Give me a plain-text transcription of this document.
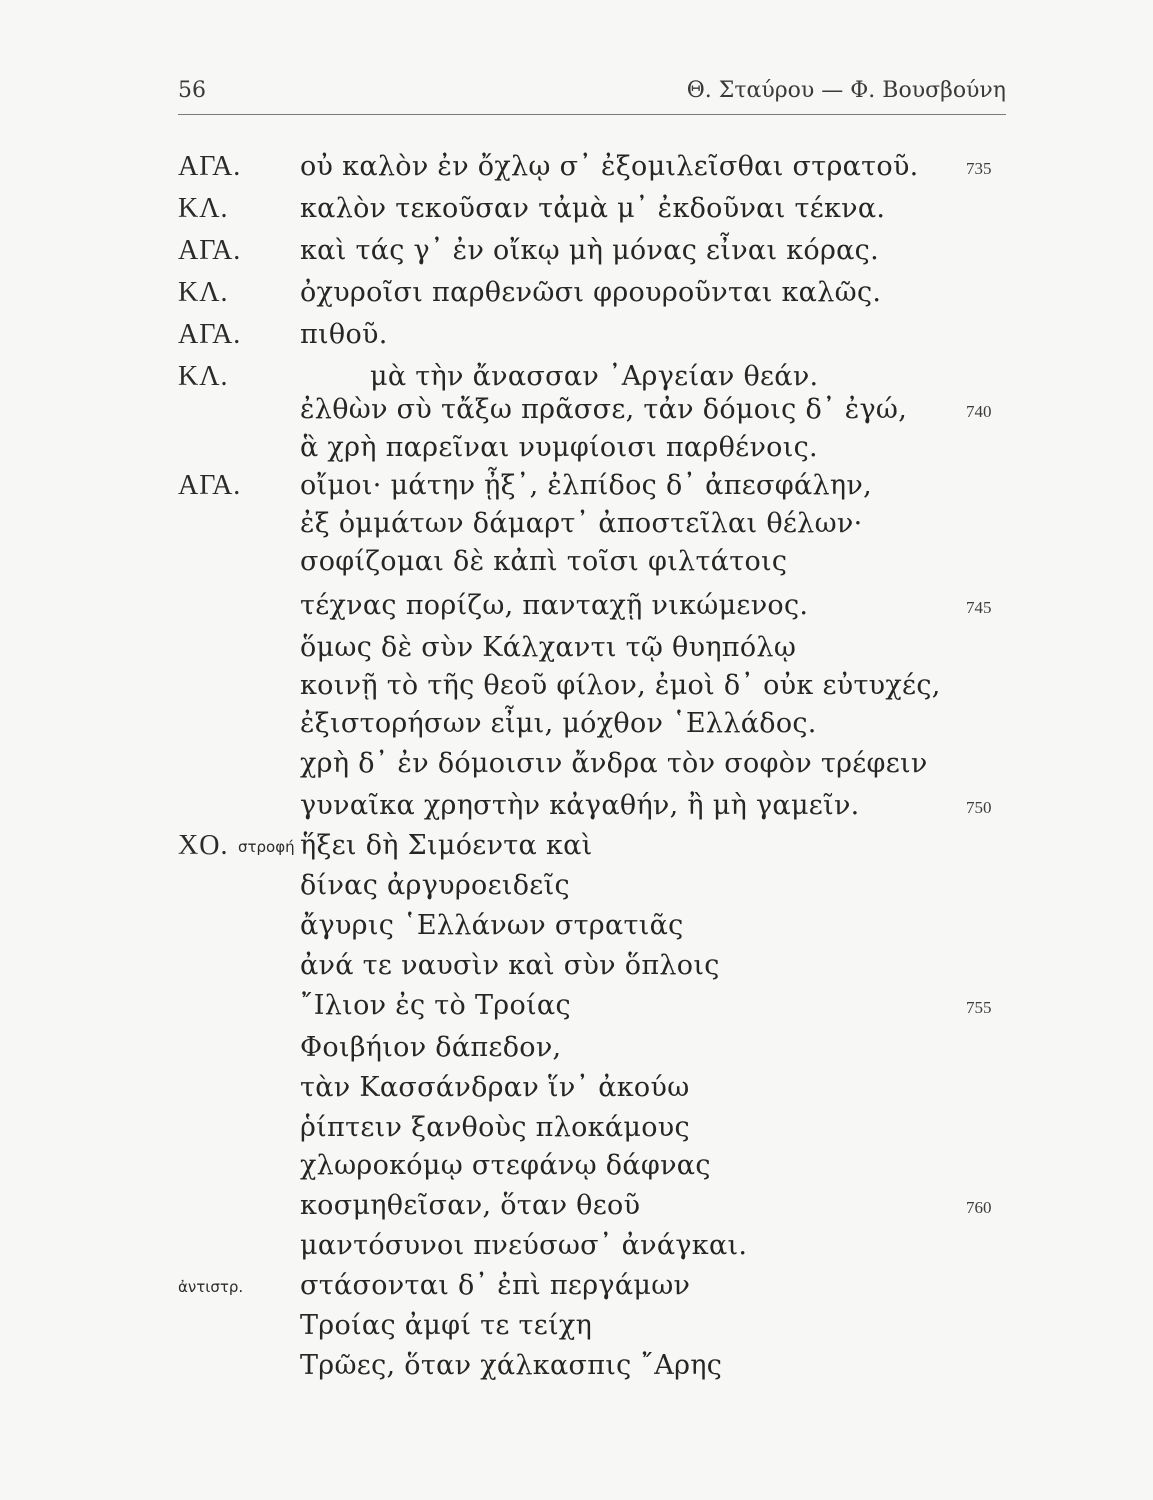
56	Θ. Σταύρου — Φ. Βουσβούνη
ΑΓΑ. οὐ καλὸν ἐν ὄχλῳ σ᾿ ἐξομιλεῖσθαι στρατοῦ.	735
ΚΛ.	καλὸν τεκοῦσαν τἀμὰ μ᾿ ἐκδοῦναι τέκνα.
ΑΓΑ. καὶ τάς γ᾿ ἐν οἴκῳ μὴ μόνας εἶναι κόρας.
ΚΛ.	ὀχυροῖσι παρθενῶσι φρουροῦνται καλῶς.
ΑΓΑ. πιθοῦ.
ΚΛ.	μὰ τὴν ἄνασσαν ᾿Αργείαν θεάν.
ἐλθὼν σὺ τἄξω πρᾶσσε, τἀν δόμοις δ᾿ ἐγώ,	740
ἃ χρὴ παρεῖναι νυμφίοισι παρθένοις.
ΑΓΑ. οἴμοι· μάτην ᾖξ᾿, ἐλπίδος δ᾿ ἀπεσφάλην,
ἐξ ὀμμάτων δάμαρτ᾿ ἀποστεῖλαι θέλων·
σοφίζομαι δὲ κἀπὶ τοῖσι φιλτάτοις
τέχνας πορίζω, πανταχῇ νικώμενος.	745
ὅμως δὲ σὺν Κάλχαντι τῷ θυηπόλῳ
κοινῇ τὸ τῆς θεοῦ φίλον, ἐμοὶ δ᾿ οὐκ εὐτυχές,
ἐξιστορήσων εἶμι, μόχθον ῾Ελλάδος.
χρὴ δ᾿ ἐν δόμοισιν ἄνδρα τὸν σοφὸν τρέφειν
γυναῖκα χρηστὴν κἀγαθήν, ἢ μὴ γαμεῖν.	750
ΧΟ. στροφή ἥξει δὴ Σιμόεντα καὶ
δίνας ἀργυροειδεῖς
ἄγυρις ῾Ελλάνων στρατιᾶς
ἀνά τε ναυσὶν καὶ σὺν ὅπλοις
῎Ιλιον ἐς τὸ Τροίας	755
Φοιβήιον δάπεδον,
τὰν Κασσάνδραν ἵν᾿ ἀκούω
ῥίπτειν ξανθοὺς πλοκάμους
χλωροκόμῳ στεφάνῳ δάφνας
κοσμηθεῖσαν, ὅταν θεοῦ	760
μαντόσυνοι πνεύσωσ᾿ ἀνάγκαι.
ἀντιστρ. στάσονται δ᾿ ἐπὶ περγάμων
Τροίας ἀμφί τε τείχη
Τρῶες, ὅταν χάλκασπις ῎Αρης
